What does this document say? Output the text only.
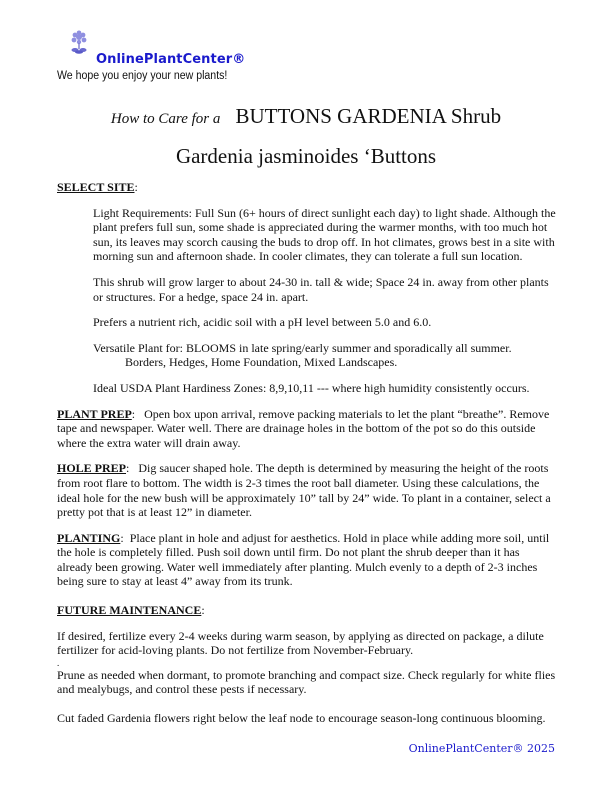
OnlinePlantCenter®
We hope you enjoy your new plants!
How to Care for a BUTTONS GARDENIA Shrub
Gardenia jasminoides ‘Buttons

SELECT SITE:

Light Requirements: Full Sun (6+ hours of direct sunlight each day) to light shade. Although the plant prefers full sun, some shade is appreciated during the warmer months, with too much hot sun, its leaves may scorch causing the buds to drop off. In hot climates, grows best in a site with morning sun and afternoon shade. In cooler climates, they can tolerate a full sun location.

This shrub will grow larger to about 24-30 in. tall & wide; Space 24 in. away from other plants or structures. For a hedge, space 24 in. apart.

Prefers a nutrient rich, acidic soil with a pH level between 5.0 and 6.0.

Versatile Plant for: BLOOMS in late spring/early summer and sporadically all summer.

Borders, Hedges, Home Foundation, Mixed Landscapes.

Ideal USDA Plant Hardiness Zones: 8,9,10,11 --- where high humidity consistently occurs.

PLANT PREP:   Open box upon arrival, remove packing materials to let the plant “breathe”. Remove tape and newspaper. Water well. There are drainage holes in the bottom of the pot so do this outside where the extra water will drain away.

HOLE PREP:   Dig saucer shaped hole. The depth is determined by measuring the height of the roots from root flare to bottom. The width is 2-3 times the root ball diameter. Using these calculations, the ideal hole for the new bush will be approximately 10” tall by 24” wide. To plant in a container, select a pretty pot that is at least 12” in diameter.

PLANTING:  Place plant in hole and adjust for aesthetics. Hold in place while adding more soil, until the hole is completely filled. Push soil down until firm. Do not plant the shrub deeper than it has already been growing. Water well immediately after planting. Mulch evenly to a depth of 2-3 inches being sure to stay at least 4” away from its trunk.

FUTURE MAINTENANCE:

If desired, fertilize every 2-4 weeks during warm season, by applying as directed on package, a dilute fertilizer for acid-loving plants. Do not fertilize from November-February.

.

Prune as needed when dormant, to promote branching and compact size. Check regularly for white flies and mealybugs, and control these pests if necessary.

Cut faded Gardenia flowers right below the leaf node to encourage season-long continuous blooming.

OnlinePlantCenter® 2025
